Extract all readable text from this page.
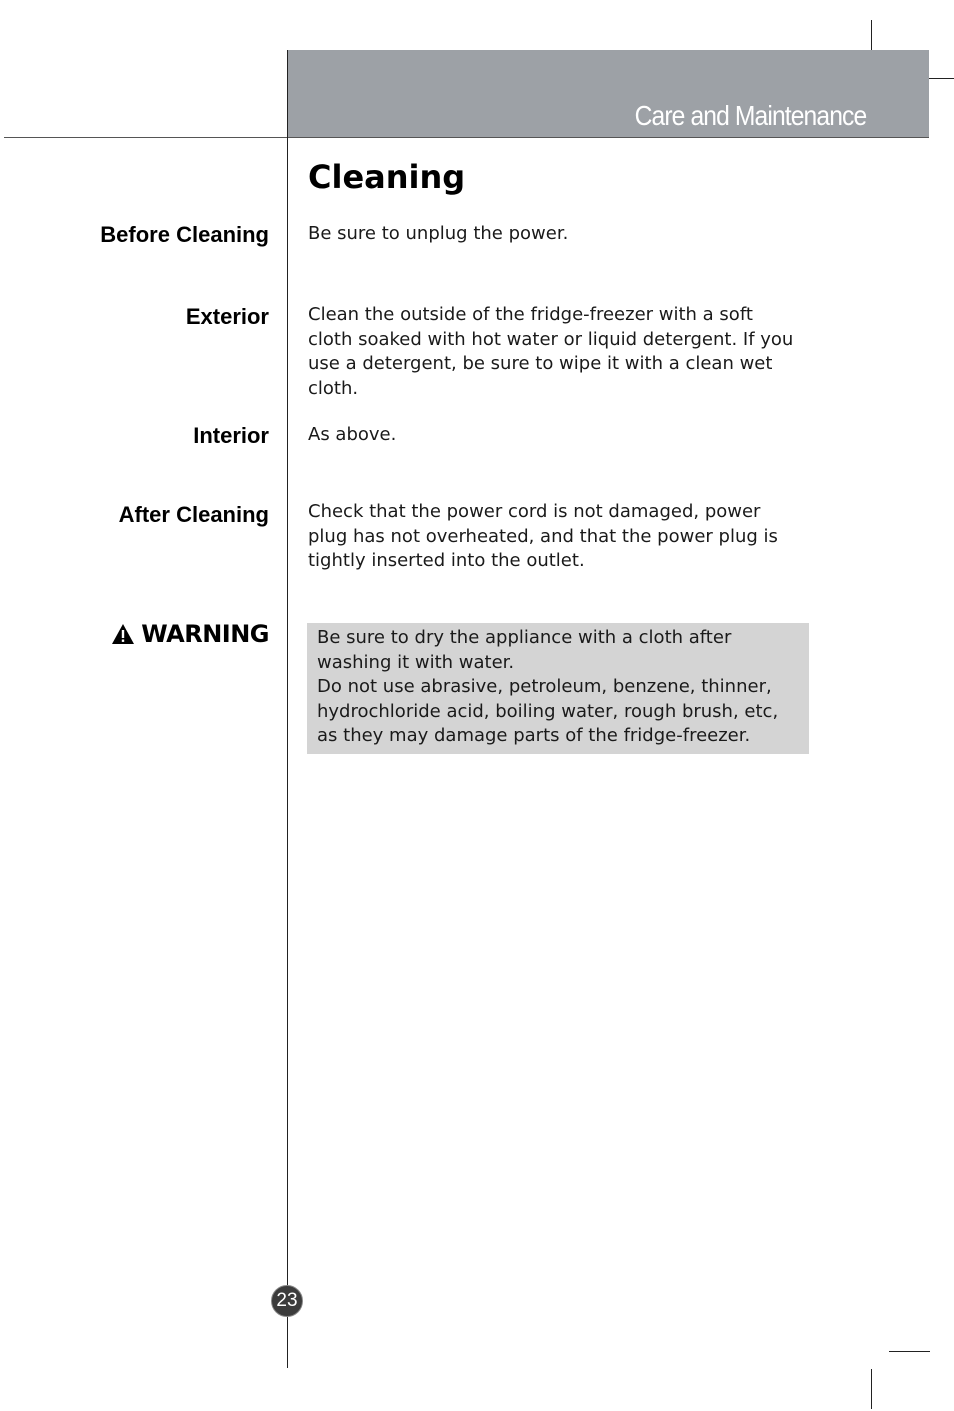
Care and Maintenance
Cleaning
Before Cleaning Be sure to unplug the power.
Exterior Clean the outside of the fridge-freezer with a soft cloth soaked with hot water or liquid detergent. If you use a detergent, be sure to wipe it with a clean wet cloth.
Interior As above.
After Cleaning Check that the power cord is not damaged, power plug has not overheated, and that the power plug is tightly inserted into the outlet.
WARNING	Be sure to dry the appliance with a cloth after washing it with water.

Do not use abrasive, petroleum, benzene, thinner, hydrochloride acid, boiling water, rough brush, etc, as they may damage parts of the fridge-freezer.

23
